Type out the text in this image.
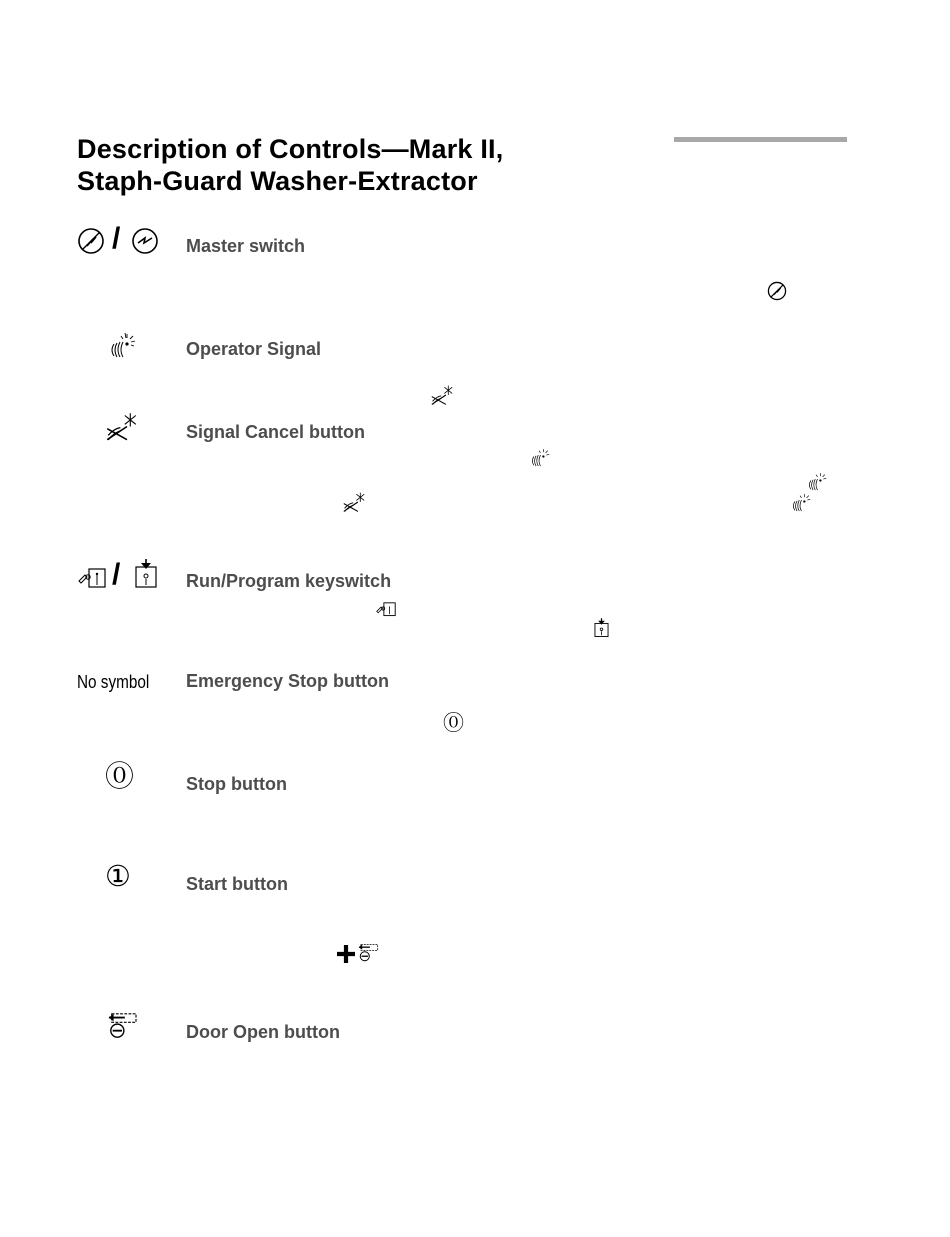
Description of Controls—Mark II,
Staph-Guard Washer-Extractor
/	Master switch
Operator Signal
Signal Cancel button
/	Run/Program keyswitch
No symbol Emergency Stop button
⓪
⓪	Stop button
①	Start button
Door Open button
